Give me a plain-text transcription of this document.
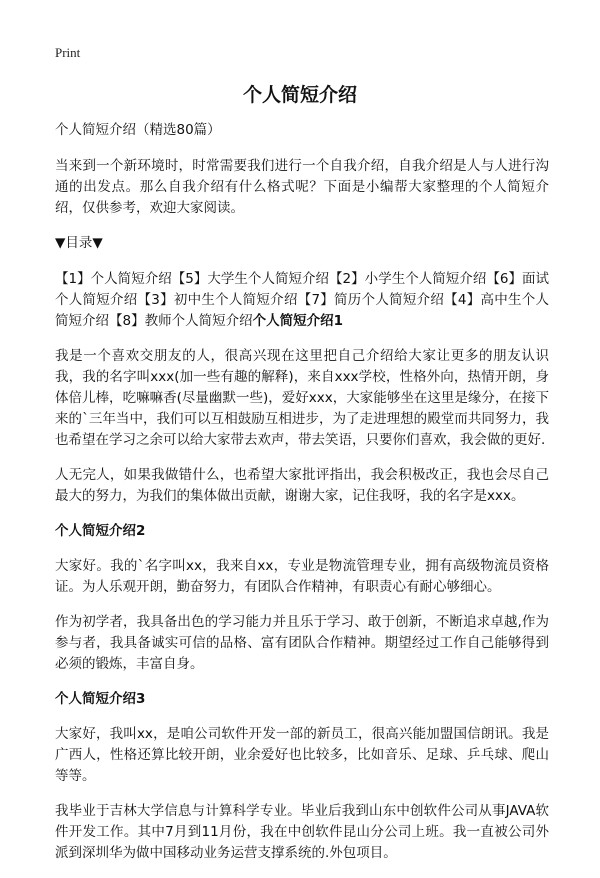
Print
个人简短介绍

个人简短介绍（精选80篇）

当来到一个新环境时，时常需要我们进行一个自我介绍，自我介绍是人与人进行沟通的出发点。那么自我介绍有什么格式呢？下面是小编帮大家整理的个人简短介绍，仅供参考，欢迎大家阅读。

▼目录▼

【1】个人简短介绍【5】大学生个人简短介绍【2】小学生个人简短介绍【6】面试个人简短介绍【3】初中生个人简短介绍【7】简历个人简短介绍【4】高中生个人简短介绍【8】教师个人简短介绍个人简短介绍1

我是一个喜欢交朋友的人，很高兴现在这里把自己介绍给大家让更多的朋友认识我，我的名字叫xxx(加一些有趣的解释)，来自xxx学校，性格外向，热情开朗，身体倍儿棒，吃嘛嘛香(尽量幽默一些)，爱好xxx，大家能够坐在这里是缘分，在接下来的`三年当中，我们可以互相鼓励互相进步，为了走进理想的殿堂而共同努力，我也希望在学习之余可以给大家带去欢声，带去笑语，只要你们喜欢，我会做的更好.

人无完人，如果我做错什么，也希望大家批评指出，我会积极改正，我也会尽自己最大的努力，为我们的集体做出贡献，谢谢大家，记住我呀，我的名字是xxx。

个人简短介绍2

大家好。我的`名字叫xx，我来自xx，专业是物流管理专业，拥有高级物流员资格证。为人乐观开朗，勤奋努力，有团队合作精神，有职责心有耐心够细心。

作为初学者，我具备出色的学习能力并且乐于学习、敢于创新，不断追求卓越,作为参与者，我具备诚实可信的品格、富有团队合作精神。期望经过工作自己能够得到必须的锻炼，丰富自身。

个人简短介绍3

大家好，我叫xx，是咱公司软件开发一部的新员工，很高兴能加盟国信朗讯。我是广西人，性格还算比较开朗，业余爱好也比较多，比如音乐、足球、乒乓球、爬山等等。

我毕业于吉林大学信息与计算科学专业。毕业后我到山东中创软件公司从事JAVA软件开发工作。其中7月到11月份，我在中创软件昆山分公司上班。我一直被公司外派到深圳华为做中国移动业务运营支撑系统的.外包项目。
